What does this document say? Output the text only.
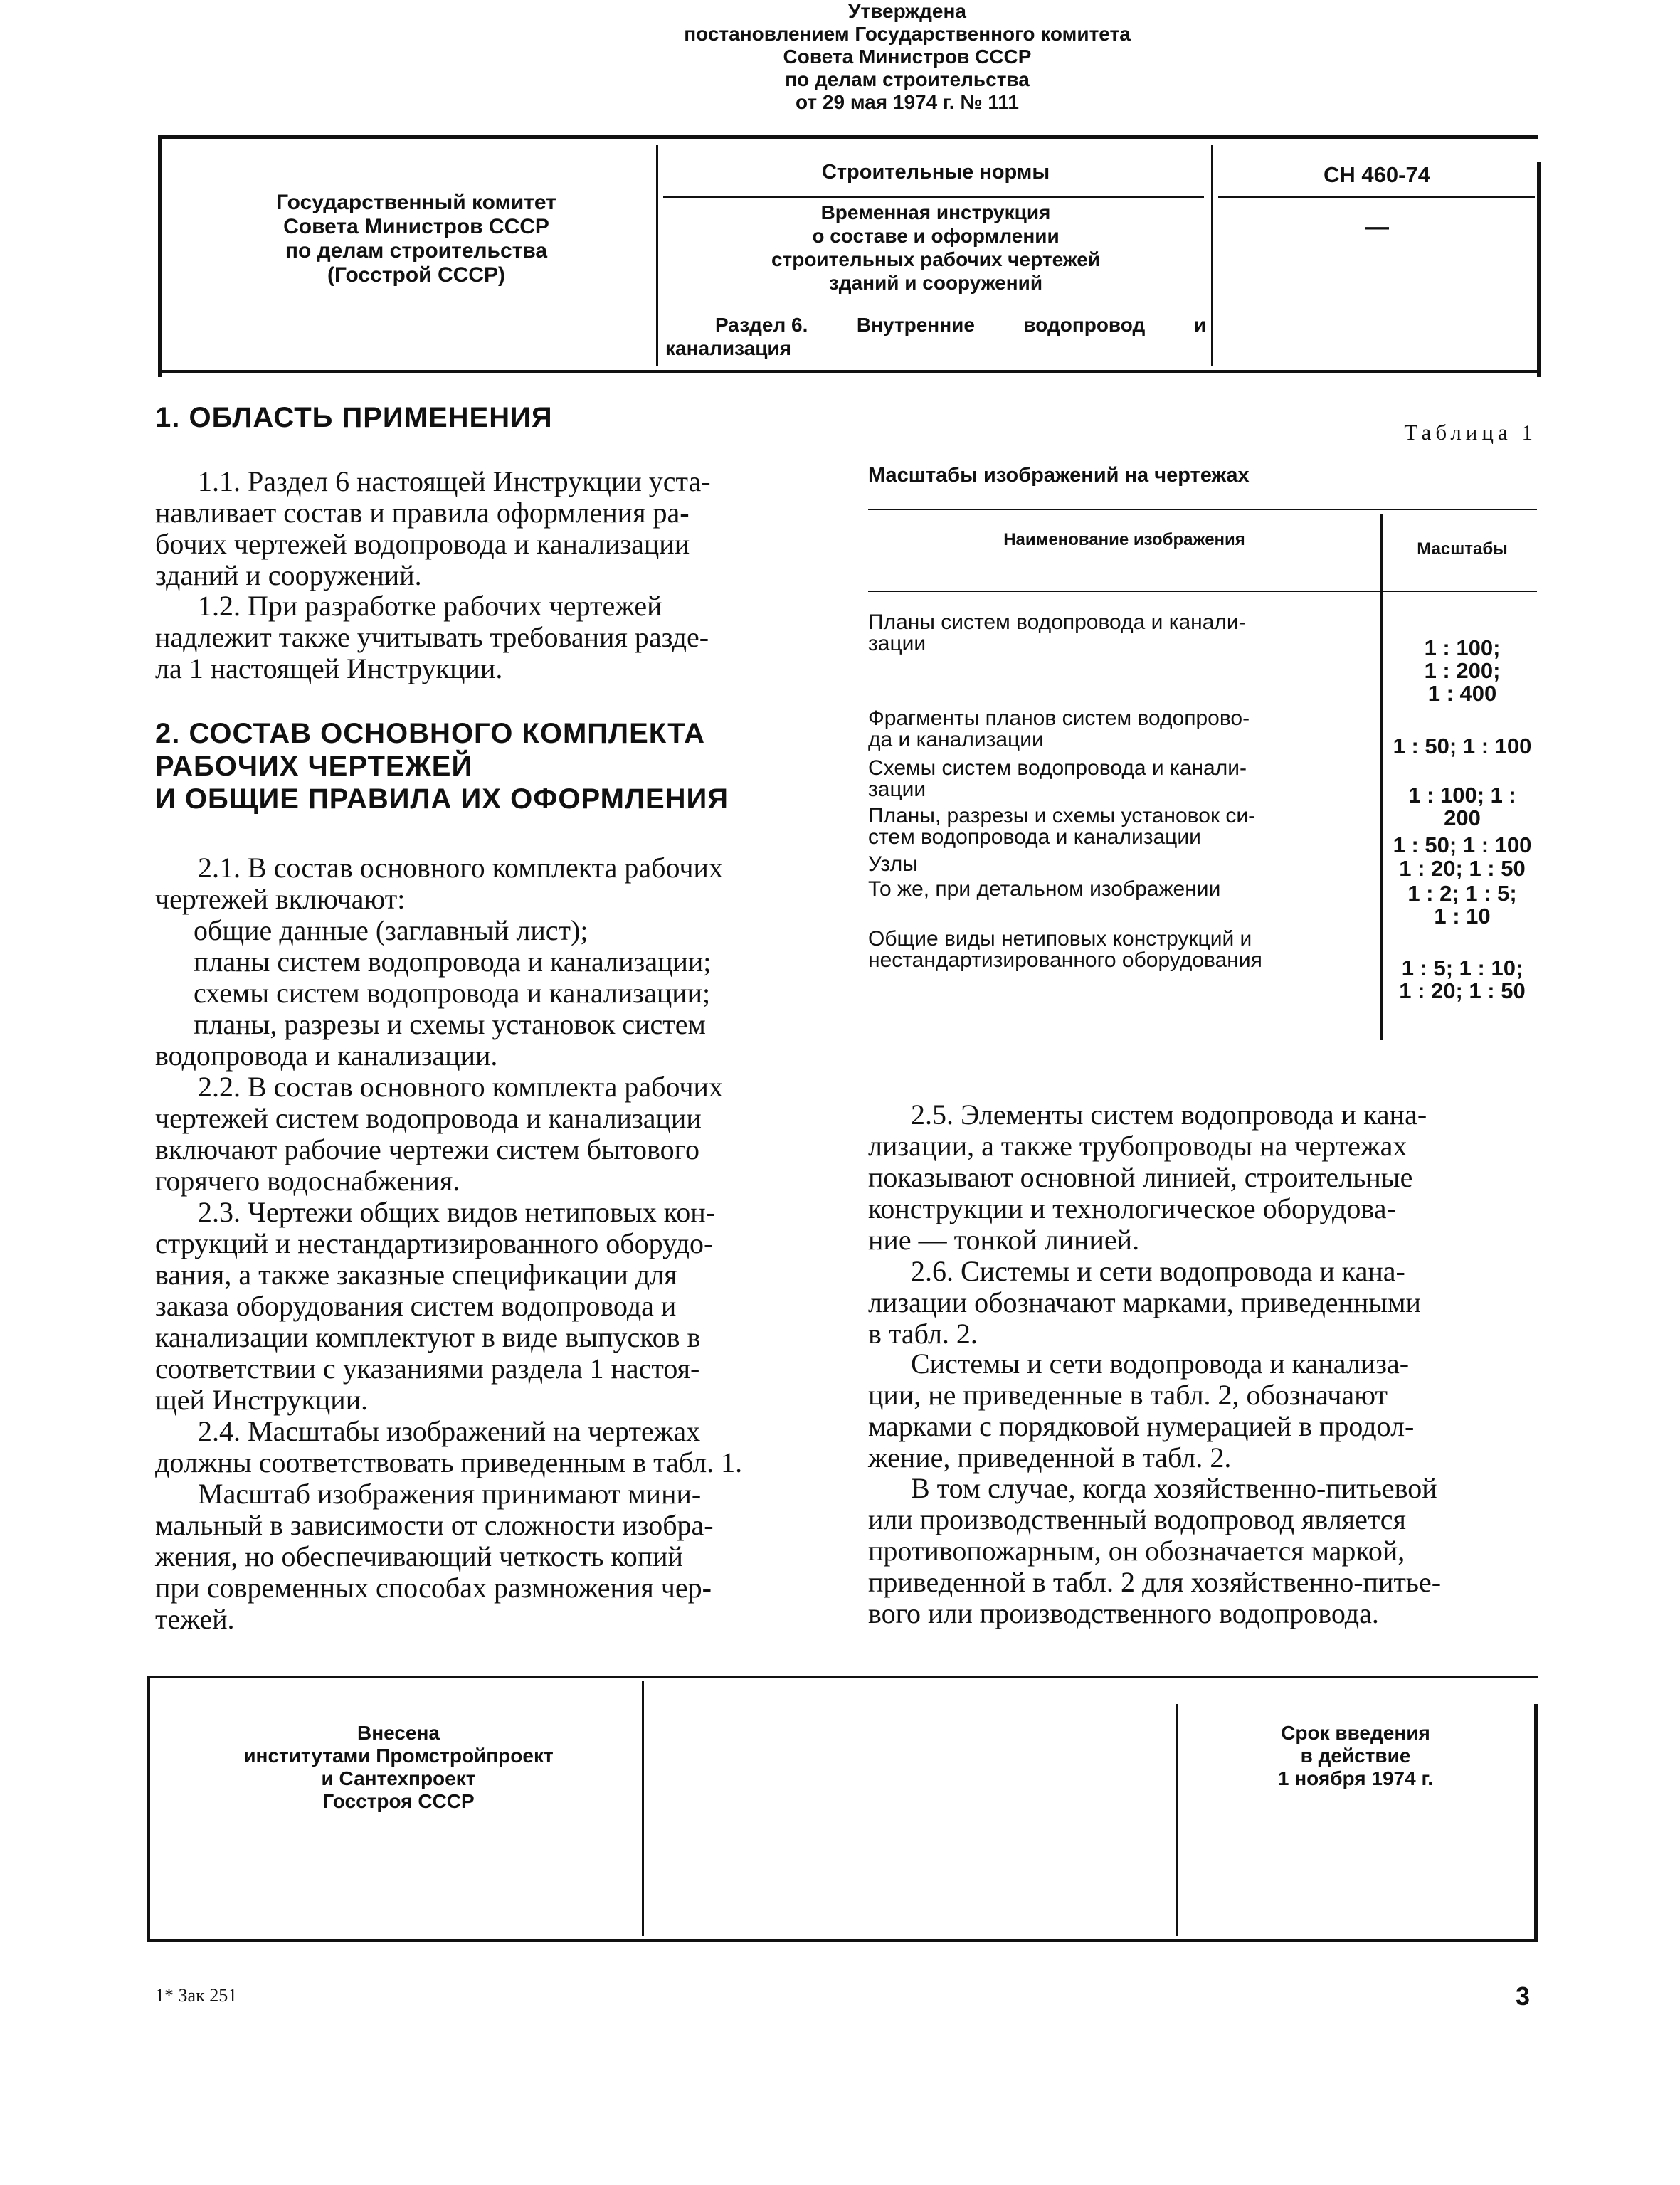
Государственный комитет
Совета Министров СССР
по делам строительства
(Госстрой СССР)
Строительные нормы
Временная инструкция
о составе и оформлении
строительных рабочих чертежей
зданий и сооружений
Раздел 6. Внутренние водопровод и
канализация
СН 460-74
—
1. ОБЛАСТЬ ПРИМЕНЕНИЯ
1.1. Раздел 6 настоящей Инструкции уста-
навливает состав и правила оформления ра-
бочих чертежей водопровода и канализации
зданий и сооружений.
1.2. При разработке рабочих чертежей
надлежит также учитывать требования разде-
ла 1 настоящей Инструкции.
2. СОСТАВ ОСНОВНОГО КОМПЛЕКТА
РАБОЧИХ ЧЕРТЕЖЕЙ
И ОБЩИЕ ПРАВИЛА ИХ ОФОРМЛЕНИЯ
2.1. В состав основного комплекта рабочих
чертежей включают:
общие данные (заглавный лист);
планы систем водопровода и канализации;
схемы систем водопровода и канализации;
планы, разрезы и схемы установок систем
водопровода и канализации.
2.2. В состав основного комплекта рабочих
чертежей систем водопровода и канализации
включают рабочие чертежи систем бытового
горячего водоснабжения.
2.3. Чертежи общих видов нетиповых кон-
струкций и нестандартизированного оборудо-
вания, а также заказные спецификации для
заказа оборудования систем водопровода и
канализации комплектуют в виде выпусков в
соответствии с указаниями раздела 1 настоя-
щей Инструкции.
2.4. Масштабы изображений на чертежах
должны соответствовать приведенным в табл. 1.
Масштаб изображения принимают мини-
мальный в зависимости от сложности изобра-
жения, но обеспечивающий четкость копий
при современных способах размножения чер-
тежей.
Таблица 1
Масштабы изображений на чертежах
Наименование изображения	Масштабы
Планы систем водопровода и канали-
зации
Фрагменты планов систем водопрово-
да и канализации
Схемы систем водопровода и канали-
зации
Планы, разрезы и схемы установок си-
стем водопровода и канализации
Узлы
То же, при детальном изображении
Общие виды нетиповых конструкций и
нестандартизированного оборудования
1 : 100;
1 : 200;
1 : 400
1 : 50; 1 : 100
1 : 100; 1 : 200
1 : 50; 1 : 100
1 : 20; 1 : 50
1 : 2; 1 : 5;
1 : 10
1 : 5; 1 : 10;
1 : 20; 1 : 50
2.5. Элементы систем водопровода и кана-
лизации, а также трубопроводы на чертежах
показывают основной линией, строительные
конструкции и технологическое оборудова-
ние — тонкой линией.
2.6. Системы и сети водопровода и кана-
лизации обозначают марками, приведенными
в табл. 2.
Системы и сети водопровода и канализа-
ции, не приведенные в табл. 2, обозначают
марками с порядковой нумерацией в продол-
жение, приведенной в табл. 2.
В том случае, когда хозяйственно-питьевой
или производственный водопровод является
противопожарным, он обозначается маркой,
приведенной в табл. 2 для хозяйственно-питье-
вого или производственного водопровода.
Внесена
институтами Промстройпроект
и Сантехпроект
Госстроя СССР
Утверждена
постановлением Государственного комитета
Совета Министров СССР
по делам строительства
от 29 мая 1974 г. № 111
Срок введения
в действие
1 ноября 1974 г.
1* Зак 251	3
